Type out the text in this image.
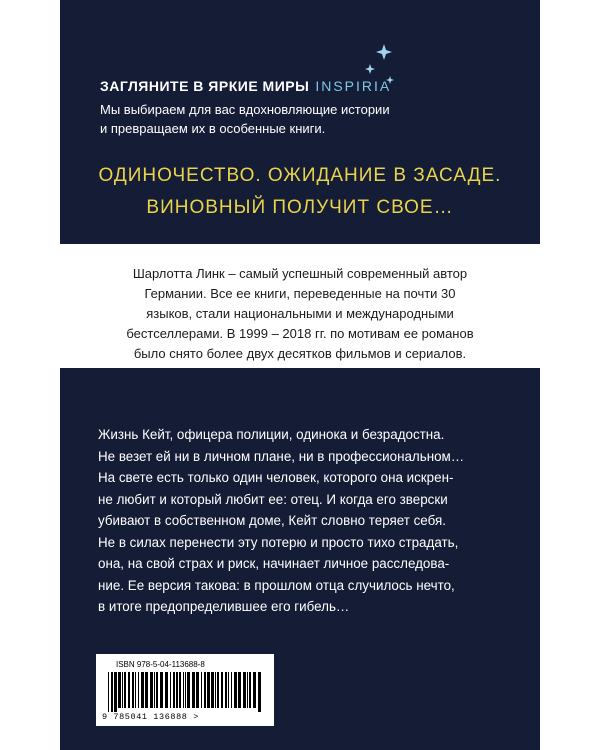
ЗАГЛЯНИТЕ В ЯРКИЕ МИРЫ INSPIRIA
Мы выбираем для вас вдохновляющие истории
и превращаем их в особенные книги.
ОДИНОЧЕСТВО. ОЖИДАНИЕ В ЗАСАДЕ.
ВИНОВНЫЙ ПОЛУЧИТ СВОЕ…
Шарлотта Линк – самый успешный современный автор
Германии. Все ее книги, переведенные на почти 30
языков, стали национальными и международными
бестселлерами. В 1999 – 2018 гг. по мотивам ее романов
было снято более двух десятков фильмов и сериалов.
Жизнь Кейт, офицера полиции, одинока и безрадостна.
Не везет ей ни в личном плане, ни в профессиональном…
На свете есть только один человек, которого она искрен-
не любит и который любит ее: отец. И когда его зверски
убивают в собственном доме, Кейт словно теряет себя.
Не в силах перенести эту потерю и просто тихо страдать,
она, на свой страх и риск, начинает личное расследова-
ние. Ее версия такова: в прошлом отца случилось нечто,
в итоге предопределившее его гибель…
ISBN 978-5-04-113688-8
9 785041 136888 >
